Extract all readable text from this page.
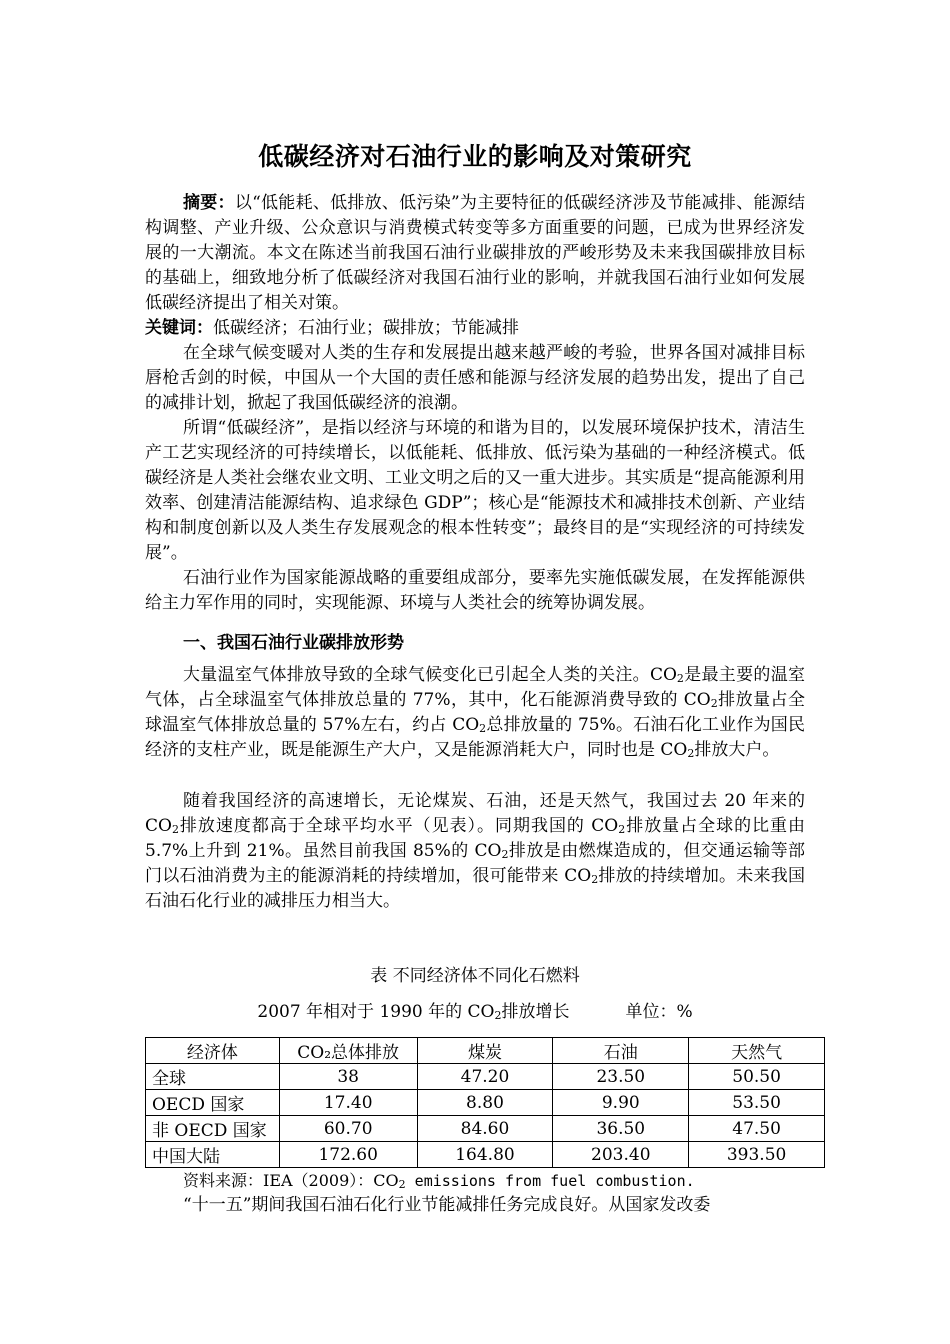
低碳经济对石油行业的影响及对策研究

摘要：以“低能耗、低排放、低污染”为主要特征的低碳经济涉及节能减排、能源结构调整、产业升级、公众意识与消费模式转变等多方面重要的问题，已成为世界经济发展的一大潮流。本文在陈述当前我国石油行业碳排放的严峻形势及未来我国碳排放目标的基础上，细致地分析了低碳经济对我国石油行业的影响，并就我国石油行业如何发展低碳经济提出了相关对策。

关键词：低碳经济；石油行业；碳排放；节能减排

在全球气候变暖对人类的生存和发展提出越来越严峻的考验，世界各国对减排目标唇枪舌剑的时候，中国从一个大国的责任感和能源与经济发展的趋势出发，提出了自己的减排计划，掀起了我国低碳经济的浪潮。

所谓“低碳经济”，是指以经济与环境的和谐为目的，以发展环境保护技术，清洁生产工艺实现经济的可持续增长，以低能耗、低排放、低污染为基础的一种经济模式。低碳经济是人类社会继农业文明、工业文明之后的又一重大进步。其实质是“提高能源利用效率、创建清洁能源结构、追求绿色 GDP”；核心是“能源技术和减排技术创新、产业结构和制度创新以及人类生存发展观念的根本性转变”；最终目的是“实现经济的可持续发展”。

石油行业作为国家能源战略的重要组成部分，要率先实施低碳发展，在发挥能源供给主力军作用的同时，实现能源、环境与人类社会的统筹协调发展。

一、我国石油行业碳排放形势

大量温室气体排放导致的全球气候变化已引起全人类的关注。$CO_2$是最主要的温室气体，占全球温室气体排放总量的 77%，其中，化石能源消费导致的 $CO_2$排放量占全球温室气体排放总量的 57%左右，约占 $CO_2$总排放量的 75%。石油石化工业作为国民经济的支柱产业，既是能源生产大户，又是能源消耗大户，同时也是 $CO_2$排放大户。

随着我国经济的高速增长，无论煤炭、石油，还是天然气，我国过去 20 年来的 $CO_2$排放速度都高于全球平均水平（见表）。同期我国的 $CO_2$排放量占全球的比重由 5.7%上升到 21%。虽然目前我国 85%的 $CO_2$排放是由燃煤造成的，但交通运输等部门以石油消费为主的能源消耗的持续增加，很可能带来 $CO_2$排放的持续增加。未来我国石油石化行业的减排压力相当大。

表 不同经济体不同化石燃料
2007 年相对于 1990 年的 $CO_2$排放增长	单位：%
经济体	CO₂总体排放	煤炭	石油	天然气
全球	38	47.20	23.50	50.50
OECD 国家	17.40	8.80	9.90	53.50
非 OECD 国家	60.70	84.60	36.50	47.50
中国大陆	172.60	164.80	203.40	393.50
资料来源：IEA（2009）：$CO_2$ emissions from fuel combustion.

“十一五”期间我国石油石化行业节能减排任务完成良好。从国家发改委
